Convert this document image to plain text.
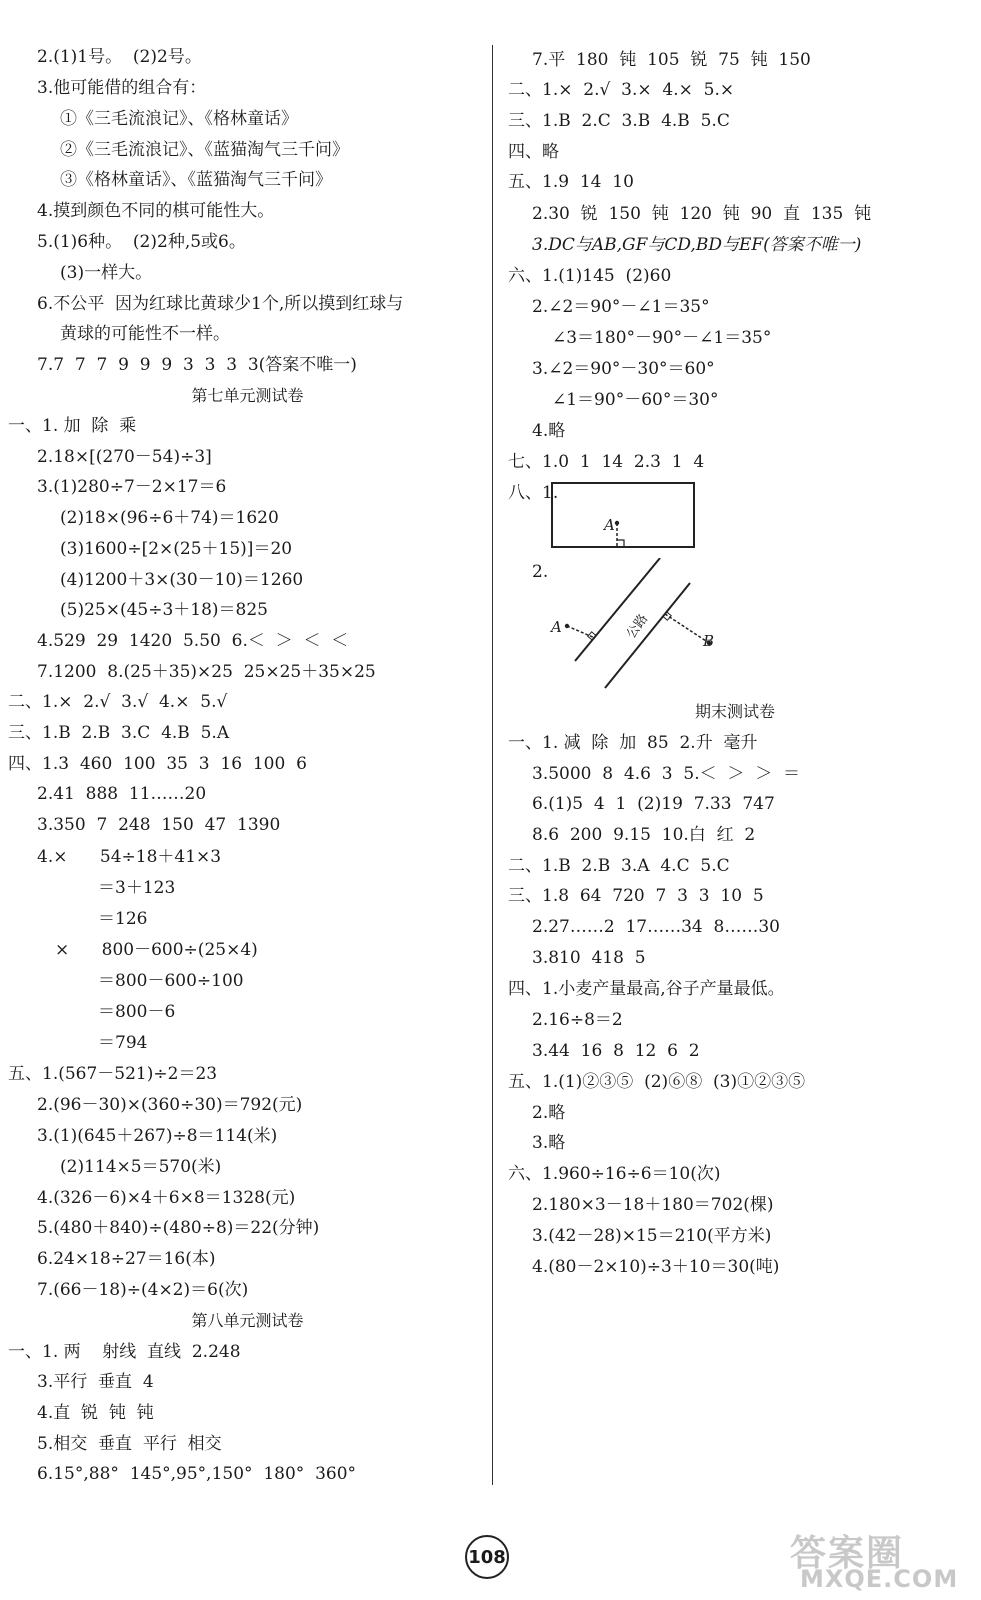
2.(1)1号。  (2)2号。
3.他可能借的组合有：
①《三毛流浪记》、《格林童话》
②《三毛流浪记》、《蓝猫淘气三千问》
③《格林童话》、《蓝猫淘气三千问》
4.摸到颜色不同的棋可能性大。
5.(1)6种。  (2)2种,5或6。
(3)一样大。
6.不公平  因为红球比黄球少1个,所以摸到红球与
黄球的可能性不一样。
7.7  7  7  9  9  9  3  3  3  3(答案不唯一)
第七单元测试卷
一、1. 加  除  乘
2.18×[(270－54)÷3]
3.(1)280÷7－2×17＝6
(2)18×(96÷6＋74)＝1620
(3)1600÷[2×(25＋15)]＝20
(4)1200＋3×(30－10)＝1260
(5)25×(45÷3＋18)＝825
4.529  29  1420  5.50  6.＜  ＞  ＜  ＜
7.1200  8.(25＋35)×25  25×25＋35×25
二、1.×  2.√  3.√  4.×  5.√
三、1.B  2.B  3.C  4.B  5.A
四、1.3  460  100  35  3  16  100  6
2.41  888  11……20
3.350  7  248  150  47  1390
4.×      54÷18＋41×3
＝3＋123
＝126
×      800－600÷(25×4)
＝800－600÷100
＝800－6
＝794
五、1.(567－521)÷2＝23
2.(96－30)×(360÷30)＝792(元)
3.(1)(645＋267)÷8＝114(米)
(2)114×5＝570(米)
4.(326－6)×4＋6×8＝1328(元)
5.(480＋840)÷(480÷8)＝22(分钟)
6.24×18÷27＝16(本)
7.(66－18)÷(4×2)＝6(次)
第八单元测试卷
一、1. 两    射线  直线  2.248
3.平行  垂直  4
4.直  锐  钝  钝
5.相交  垂直  平行  相交
6.15°,88°  145°,95°,150°  180°  360°
7.平  180  钝  105  锐  75  钝  150
二、1.×  2.√  3.×  4.×  5.×
三、1.B  2.C  3.B  4.B  5.C
四、略
五、1.9  14  10
2.30  锐  150  钝  120  钝  90  直  135  钝
3.DC与AB,GF与CD,BD与EF(答案不唯一)
六、1.(1)145  (2)60
2.∠2＝90°－∠1＝35°
∠3＝180°－90°－∠1＝35°
3.∠2＝90°－30°＝60°
∠1＝90°－60°＝30°
4.略
七、1.0  1  14  2.3  1  4
八、1.
2.
期末测试卷
一、1. 减  除  加  85  2.升  毫升
3.5000  8  4.6  3  5.＜  ＞  ＞  ＝
6.(1)5  4  1  (2)19  7.33  747
8.6  200  9.15  10.白  红  2
二、1.B  2.B  3.A  4.C  5.C
三、1.8  64  720  7  3  3  10  5
2.27……2  17……34  8……30
3.810  418  5
四、1.小麦产量最高,谷子产量最低。
2.16÷8＝2
3.44  16  8  12  6  2
五、1.(1)②③⑤  (2)⑥⑧  (3)①②③⑤
2.略
3.略
六、1.960÷16÷6＝10(次)
2.180×3－18＋180＝702(棵)
3.(42－28)×15＝210(平方米)
4.(80－2×10)÷3＋10＝30(吨)
A
A
B
公路
108	答案圈
MXQE.COM
